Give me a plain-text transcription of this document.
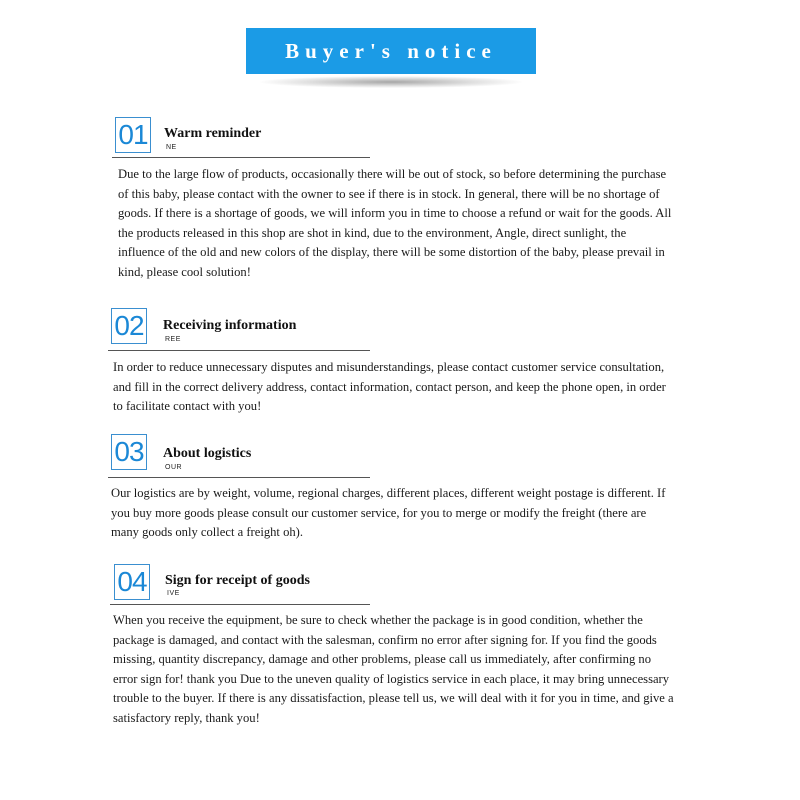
Buyer's notice
01 Warm reminder
NE

Due to the large flow of products, occasionally there will be out of stock, so before determining the purchase of this baby, please contact with the owner to see if there is in stock. In general, there will be no shortage of goods. If there is a shortage of goods, we will inform you in time to choose a refund or wait for the goods. All the products released in this shop are shot in kind, due to the environment, Angle, direct sunlight, the influence of the old and new colors of the display, there will be some distortion of the baby, please prevail in kind, please cool solution!

02 Receiving information
REE

In order to reduce unnecessary disputes and misunderstandings, please contact customer service consultation, and fill in the correct delivery address, contact information, contact person, and keep the phone open, in order to facilitate contact with you!

03 About logistics
OUR

Our logistics are by weight, volume, regional charges, different places, different weight postage is different. If you buy more goods please consult our customer service, for you to merge or modify the freight (there are many goods only collect a freight oh).

04 Sign for receipt of goods
IVE

When you receive the equipment, be sure to check whether the package is in good condition, whether the package is damaged, and contact with the salesman, confirm no error after signing for. If you find the goods missing, quantity discrepancy, damage and other problems, please call us immediately, after confirming no error sign for! thank you Due to the uneven quality of logistics service in each place, it may bring unnecessary trouble to the buyer. If there is any dissatisfaction, please tell us, we will deal with it for you in time, and give a satisfactory reply, thank you!
